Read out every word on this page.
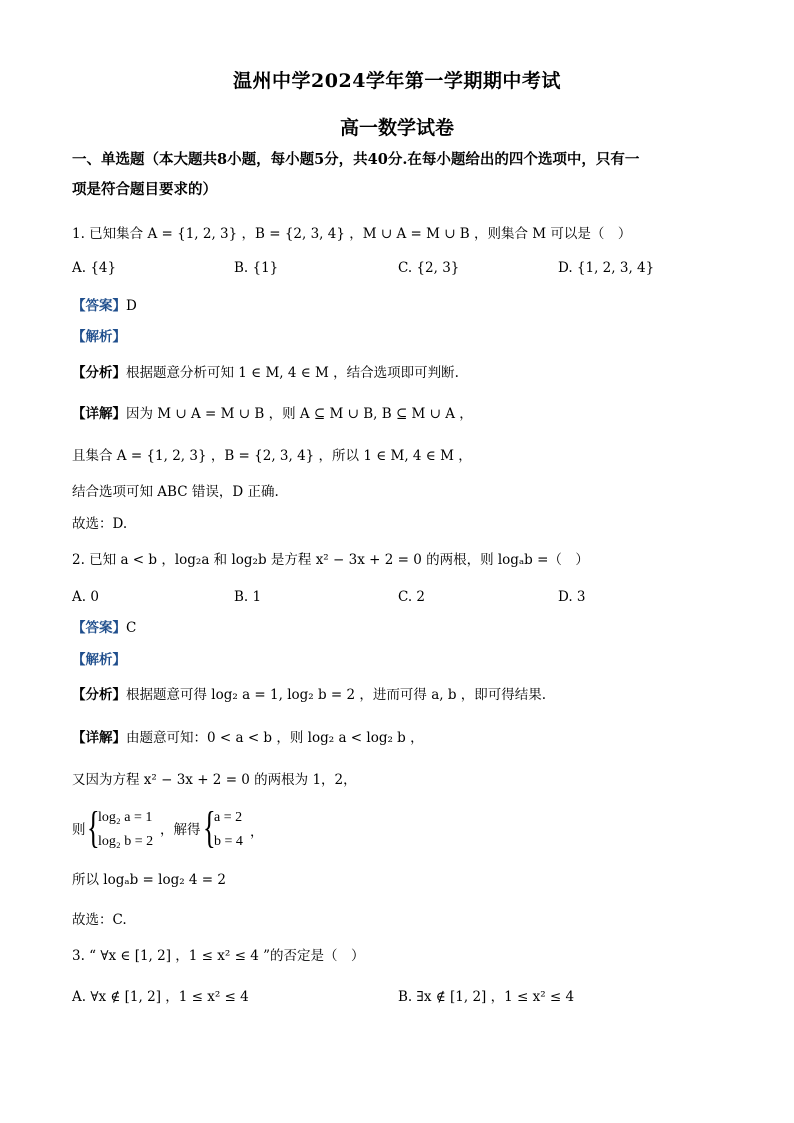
温州中学2024学年第一学期期中考试
高一数学试卷
一、单选题（本大题共8小题，每小题5分，共40分.在每小题给出的四个选项中，只有一
项是符合题目要求的）
1. 已知集合 A = {1, 2, 3} ，B = {2, 3, 4} ，M ∪ A = M ∪ B ，则集合 M 可以是（　）
A. {4}	B. {1}	C. {2, 3}	D. {1, 2, 3, 4}
【答案】D
【解析】
【分析】根据题意分析可知 1 ∈ M, 4 ∈ M ，结合选项即可判断.
【详解】因为 M ∪ A = M ∪ B ，则 A ⊆ M ∪ B, B ⊆ M ∪ A ，
且集合 A = {1, 2, 3} ，B = {2, 3, 4} ，所以 1 ∈ M, 4 ∈ M ，
结合选项可知 ABC 错误，D 正确.
故选：D.
2. 已知 a < b ，log₂a 和 log₂b 是方程 x² − 3x + 2 = 0 的两根，则 logₐb =（　）
A. 0	B. 1	C. 2	D. 3
【答案】C
【解析】
【分析】根据题意可得 log₂ a = 1, log₂ b = 2 ，进而可得 a, b ，即可得结果.
【详解】由题意可知：0 < a < b ，则 log₂ a < log₂ b ，
又因为方程 x² − 3x + 2 = 0 的两根为 1，2，
则 {
log₂ a = 1
log₂ b = 2
，解得 {
a = 2
b = 4
，
所以 logₐb = log₂ 4 = 2
故选：C.
3. “ ∀x ∈ [1, 2] ，1 ≤ x² ≤ 4 ”的否定是（　）
A. ∀x ∉ [1, 2] ，1 ≤ x² ≤ 4	B. ∃x ∉ [1, 2] ，1 ≤ x² ≤ 4
